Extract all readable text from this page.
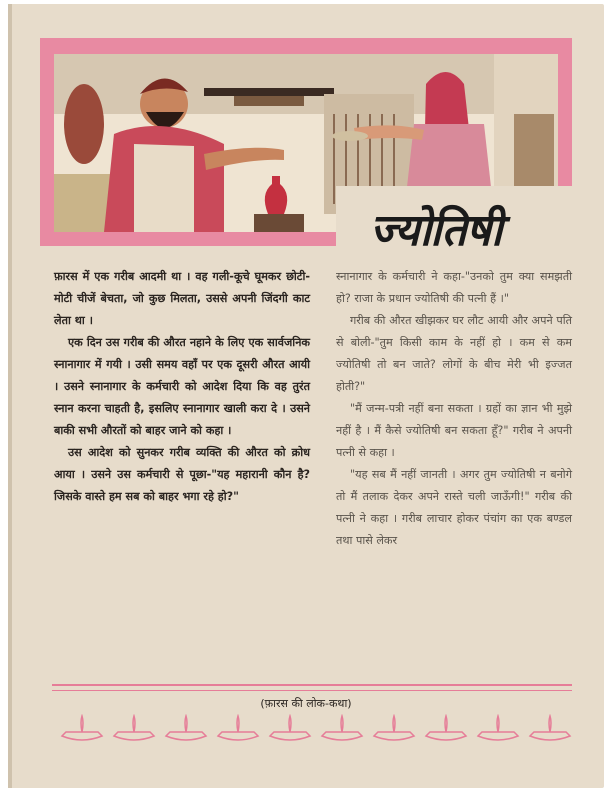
ज्योतिषी

फ़ारस में एक गरीब आदमी था । वह गली-कूचे घूमकर छोटी-मोटी चीजें बेचता, जो कुछ मिलता, उससे अपनी जिंदगी काट लेता था ।

एक दिन उस गरीब की औरत नहाने के लिए एक सार्वजनिक स्नानागार में गयी । उसी समय वहाँ पर एक दूसरी औरत आयी । उसने स्नानागार के कर्मचारी को आदेश दिया कि वह तुरंत स्नान करना चाहती है, इसलिए स्नानागार खाली करा दे । उसने बाकी सभी औरतों को बाहर जाने को कहा ।

उस आदेश को सुनकर गरीब व्यक्ति की औरत को क्रोध आया । उसने उस कर्मचारी से पूछा-"यह महारानी कौन है? जिसके वास्ते हम सब को बाहर भगा रहे हो?"

स्नानागार के कर्मचारी ने कहा-"उनको तुम क्या समझती हो? राजा के प्रधान ज्योतिषी की पत्नी हैं ।"

गरीब की औरत खीझकर घर लौट आयी और अपने पति से बोली-"तुम किसी काम के नहीं हो । कम से कम ज्योतिषी तो बन जाते? लोगों के बीच मेरी भी इज्जत होती?"

"मैं जन्म-पत्री नहीं बना सकता । ग्रहों का ज्ञान भी मुझे नहीं है । मैं कैसे ज्योतिषी बन सकता हूँ?" गरीब ने अपनी पत्नी से कहा ।

"यह सब मैं नहीं जानती । अगर तुम ज्योतिषी न बनोगे तो मैं तलाक देकर अपने रास्ते चली जाऊँगी!" गरीब की पत्नी ने कहा । गरीब लाचार होकर पंचांग का एक बण्डल तथा पासे लेकर

(फ़ारस की लोक-कथा)
